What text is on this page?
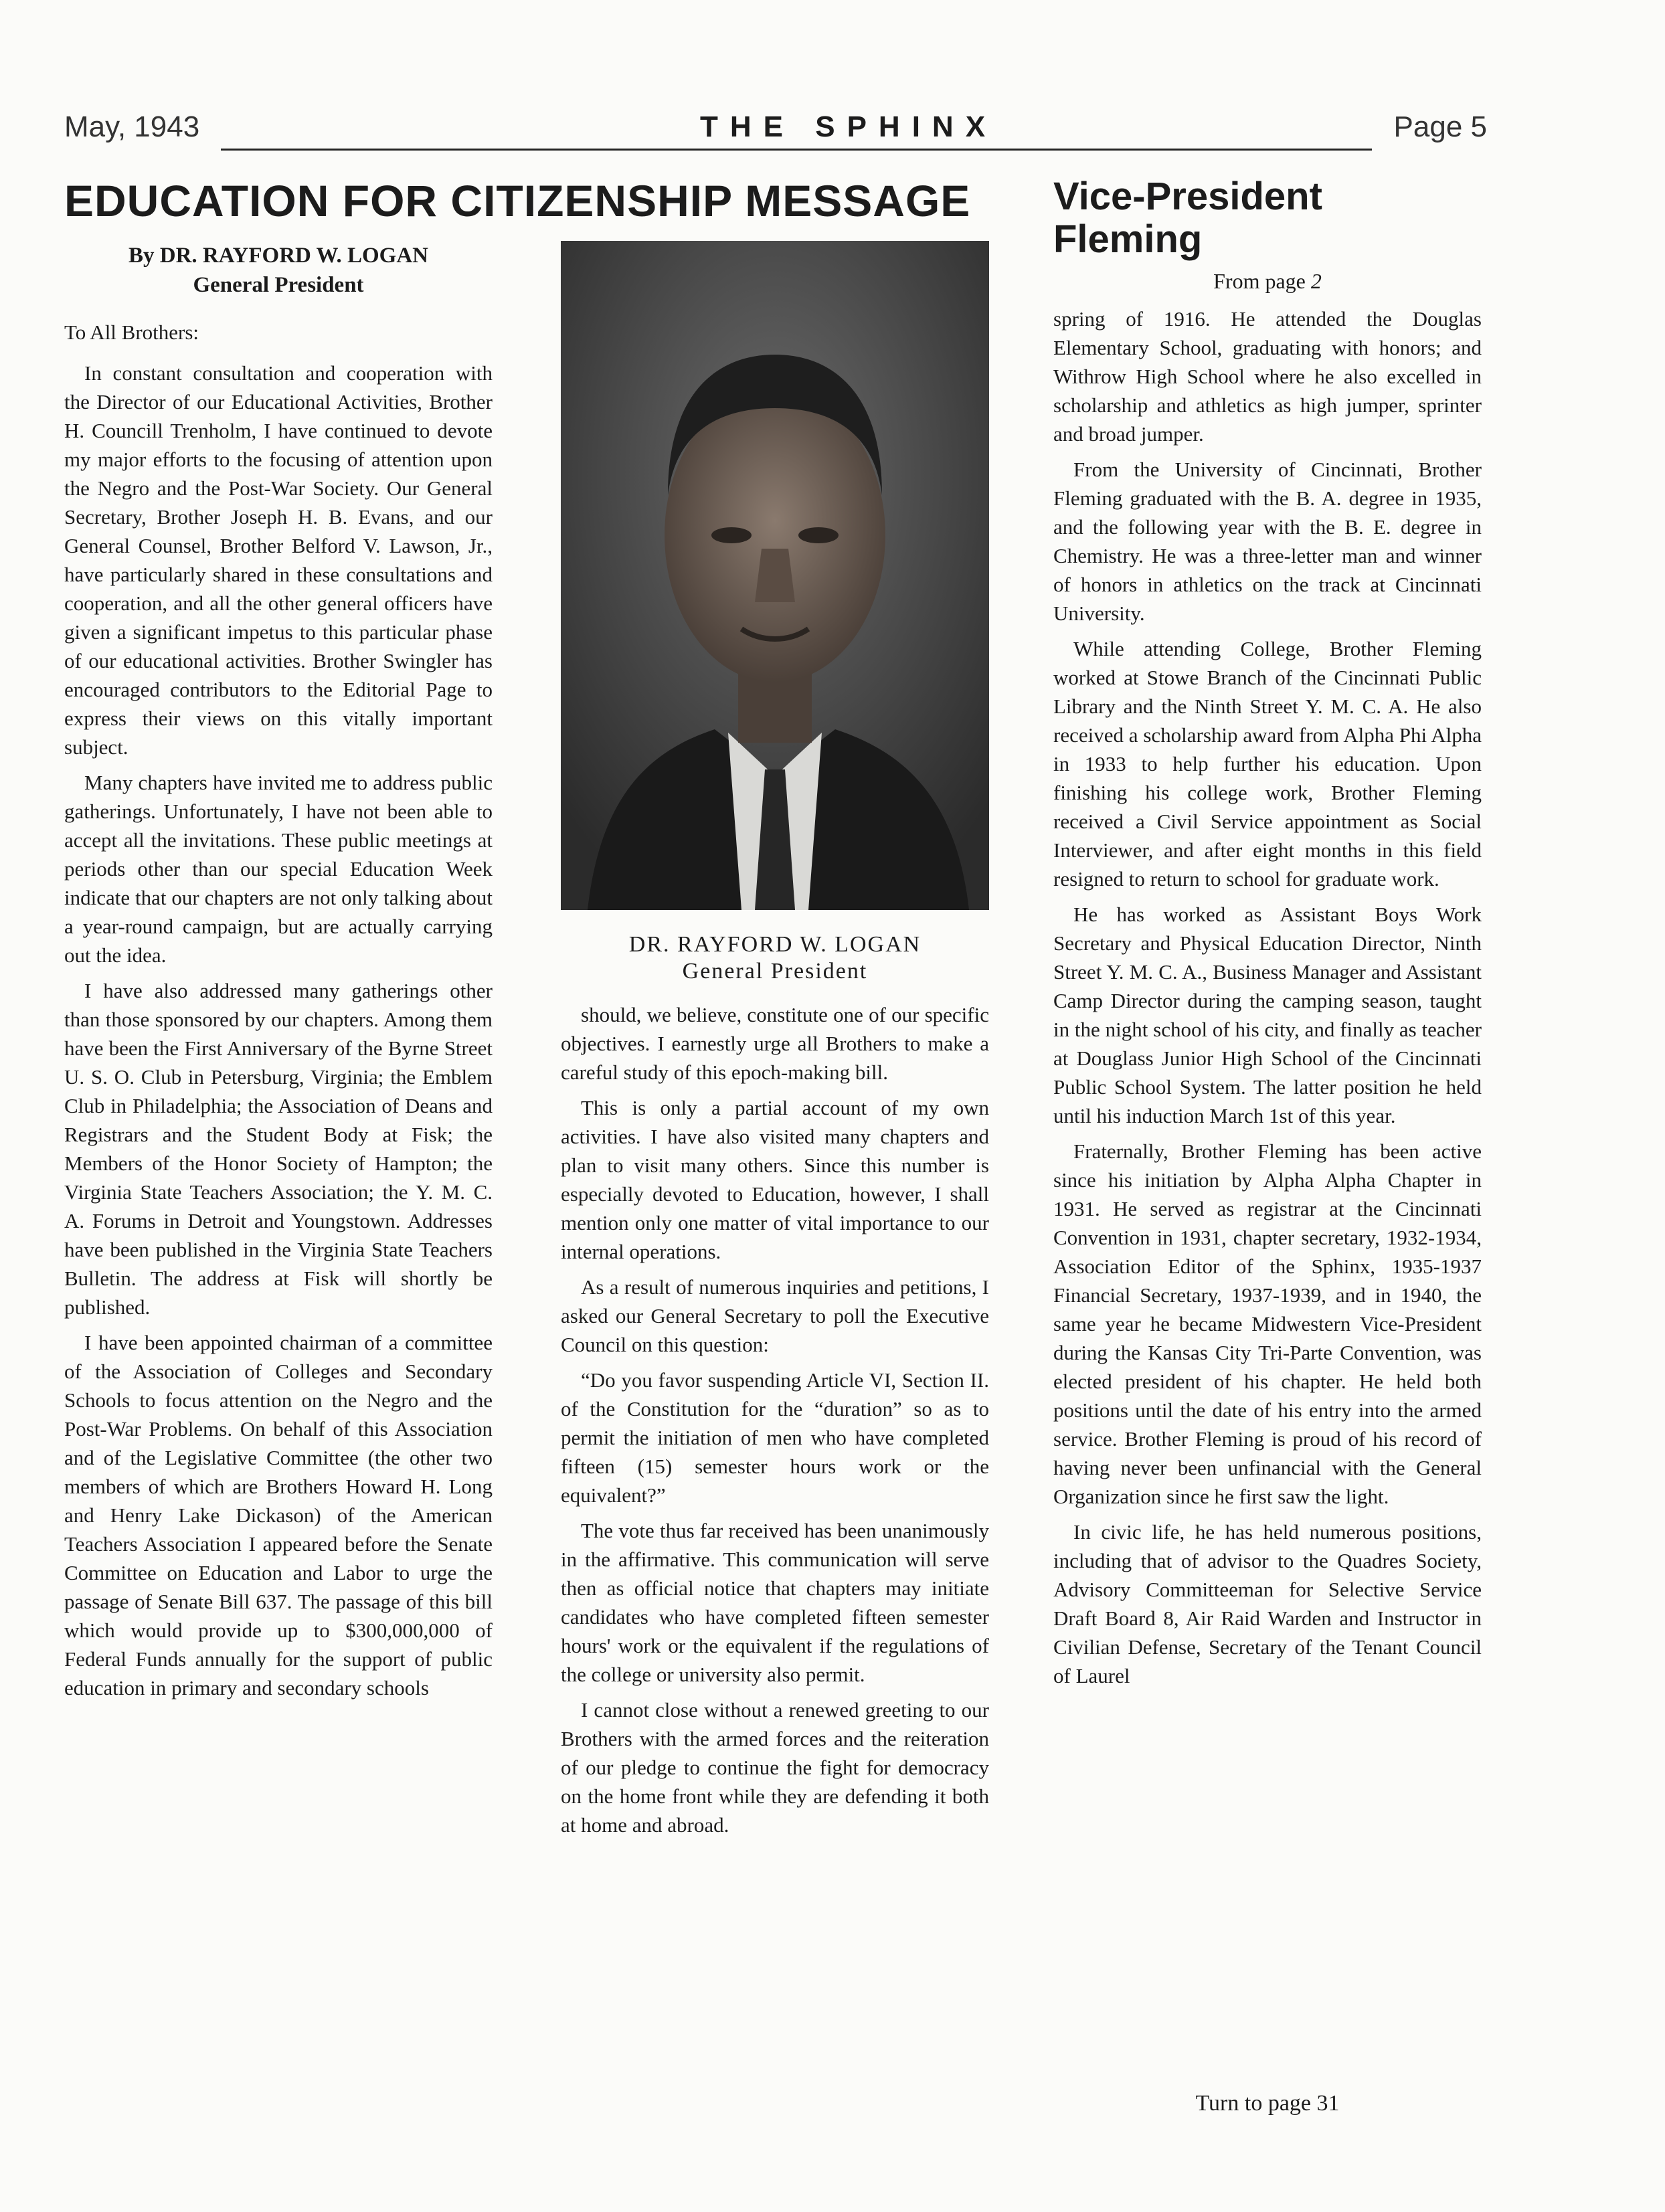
May, 1943	THE SPHINX	Page 5
EDUCATION FOR CITIZENSHIP MESSAGE
By DR. RAYFORD W. LOGAN
General President

To All Brothers:

In constant consultation and cooperation with the Director of our Educational Activities, Brother H. Councill Trenholm, I have continued to devote my major efforts to the focusing of attention upon the Negro and the Post-War Society. Our General Secretary, Brother Joseph H. B. Evans, and our General Counsel, Brother Belford V. Lawson, Jr., have particularly shared in these consultations and cooperation, and all the other general officers have given a significant impetus to this particular phase of our educational activities. Brother Swingler has encouraged contributors to the Editorial Page to express their views on this vitally important subject.

Many chapters have invited me to address public gatherings. Unfortunately, I have not been able to accept all the invitations. These public meetings at periods other than our special Education Week indicate that our chapters are not only talking about a year-round campaign, but are actually carrying out the idea.

I have also addressed many gatherings other than those sponsored by our chapters. Among them have been the First Anniversary of the Byrne Street U. S. O. Club in Petersburg, Virginia; the Emblem Club in Philadelphia; the Association of Deans and Registrars and the Student Body at Fisk; the Members of the Honor Society of Hampton; the Virginia State Teachers Association; the Y. M. C. A. Forums in Detroit and Youngstown. Addresses have been published in the Virginia State Teachers Bulletin. The address at Fisk will shortly be published.

I have been appointed chairman of a committee of the Association of Colleges and Secondary Schools to focus attention on the Negro and the Post-War Problems. On behalf of this Association and of the Legislative Committee (the other two members of which are Brothers Howard H. Long and Henry Lake Dickason) of the American Teachers Association I appeared before the Senate Committee on Education and Labor to urge the passage of Senate Bill 637. The passage of this bill which would provide up to $300,000,000 of Federal Funds annually for the support of public education in primary and secondary schools

DR. RAYFORD W. LOGAN
General President

should, we believe, constitute one of our specific objectives. I earnestly urge all Brothers to make a careful study of this epoch-making bill.

This is only a partial account of my own activities. I have also visited many chapters and plan to visit many others. Since this number is especially devoted to Education, however, I shall mention only one matter of vital importance to our internal operations.

As a result of numerous inquiries and petitions, I asked our General Secretary to poll the Executive Council on this question:

“Do you favor suspending Article VI, Section II. of the Constitution for the “duration” so as to permit the initiation of men who have completed fifteen (15) semester hours work or the equivalent?”

The vote thus far received has been unanimously in the affirmative. This communication will serve then as official notice that chapters may initiate candidates who have completed fifteen semester hours' work or the equivalent if the regulations of the college or university also permit.

I cannot close without a renewed greeting to our Brothers with the armed forces and the reiteration of our pledge to continue the fight for democracy on the home front while they are defending it both at home and abroad.

Vice-President
Fleming
From page 2

spring of 1916. He attended the Douglas Elementary School, graduating with honors; and Withrow High School where he also excelled in scholarship and athletics as high jumper, sprinter and broad jumper.

From the University of Cincinnati, Brother Fleming graduated with the B. A. degree in 1935, and the following year with the B. E. degree in Chemistry. He was a three-letter man and winner of honors in athletics on the track at Cincinnati University.

While attending College, Brother Fleming worked at Stowe Branch of the Cincinnati Public Library and the Ninth Street Y. M. C. A. He also received a scholarship award from Alpha Phi Alpha in 1933 to help further his education. Upon finishing his college work, Brother Fleming received a Civil Service appointment as Social Interviewer, and after eight months in this field resigned to return to school for graduate work.

He has worked as Assistant Boys Work Secretary and Physical Education Director, Ninth Street Y. M. C. A., Business Manager and Assistant Camp Director during the camping season, taught in the night school of his city, and finally as teacher at Douglass Junior High School of the Cincinnati Public School System. The latter position he held until his induction March 1st of this year.

Fraternally, Brother Fleming has been active since his initiation by Alpha Alpha Chapter in 1931. He served as registrar at the Cincinnati Convention in 1931, chapter secretary, 1932-1934, Association Editor of the Sphinx, 1935-1937 Financial Secretary, 1937-1939, and in 1940, the same year he became Midwestern Vice-President during the Kansas City Tri-Parte Convention, was elected president of his chapter. He held both positions until the date of his entry into the armed service. Brother Fleming is proud of his record of having never been unfinancial with the General Organization since he first saw the light.

In civic life, he has held numerous positions, including that of advisor to the Quadres Society, Advisory Committeeman for Selective Service Draft Board 8, Air Raid Warden and Instructor in Civilian Defense, Secretary of the Tenant Council of Laurel

Turn to page 31
